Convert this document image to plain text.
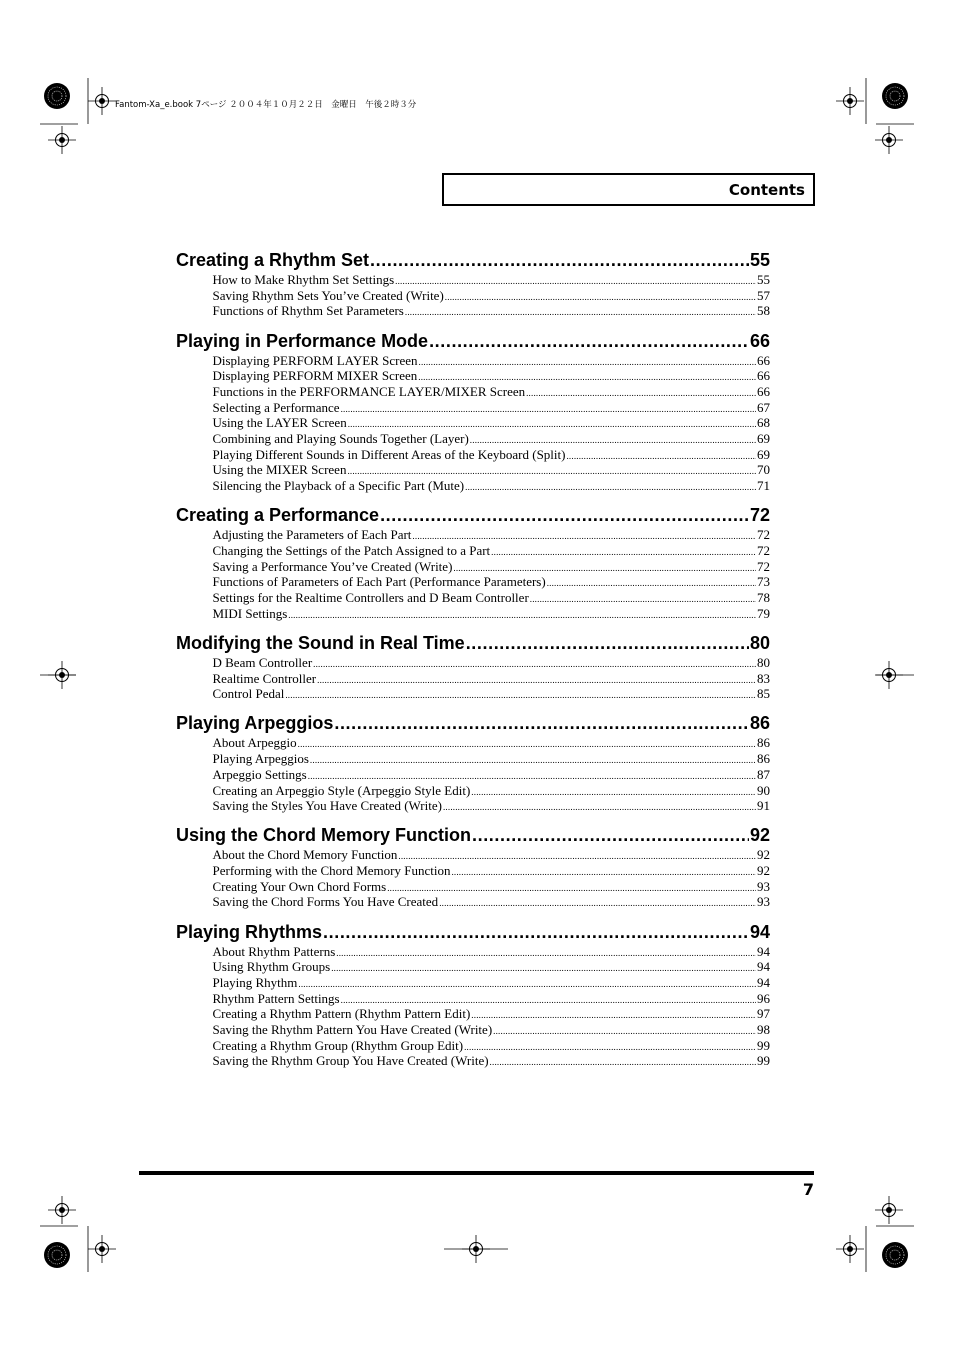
Fantom-Xa_e.book 7ページ ２００４年１０月２２日　金曜日　午後２時３分
Contents
Creating a Rhythm Set .....	55
How to Make Rhythm Set Settings .....	55
Saving Rhythm Sets You’ve Created (Write) .....	57
Functions of Rhythm Set Parameters .....	58
Playing in Performance Mode .....	66
Displaying PERFORM LAYER Screen .....	66
Displaying PERFORM MIXER Screen .....	66
Functions in the PERFORMANCE LAYER/MIXER Screen .....	66
Selecting a Performance .....	67
Using the LAYER Screen .....	68
Combining and Playing Sounds Together (Layer) .....	69
Playing Different Sounds in Different Areas of the Keyboard (Split) .....	69
Using the MIXER Screen .....	70
Silencing the Playback of a Specific Part (Mute) .....	71
Creating a Performance .....	72
Adjusting the Parameters of Each Part .....	72
Changing the Settings of the Patch Assigned to a Part .....	72
Saving a Performance You’ve Created (Write) .....	72
Functions of Parameters of Each Part (Performance Parameters) .....	73
Settings for the Realtime Controllers and D Beam Controller .....	78
MIDI Settings .....	79
Modifying the Sound in Real Time .....	80
D Beam Controller .....	80
Realtime Controller .....	83
Control Pedal .....	85
Playing Arpeggios .....	86
About Arpeggio .....	86
Playing Arpeggios .....	86
Arpeggio Settings .....	87
Creating an Arpeggio Style (Arpeggio Style Edit) .....	90
Saving the Styles You Have Created (Write) .....	91
Using the Chord Memory Function .....	92
About the Chord Memory Function .....	92
Performing with the Chord Memory Function .....	92
Creating Your Own Chord Forms .....	93
Saving the Chord Forms You Have Created .....	93
Playing Rhythms .....	94
About Rhythm Patterns .....	94
Using Rhythm Groups .....	94
Playing Rhythm .....	94
Rhythm Pattern Settings .....	96
Creating a Rhythm Pattern (Rhythm Pattern Edit) .....	97
Saving the Rhythm Pattern You Have Created (Write) .....	98
Creating a Rhythm Group (Rhythm Group Edit) .....	99
Saving the Rhythm Group You Have Created (Write) .....	99
7
